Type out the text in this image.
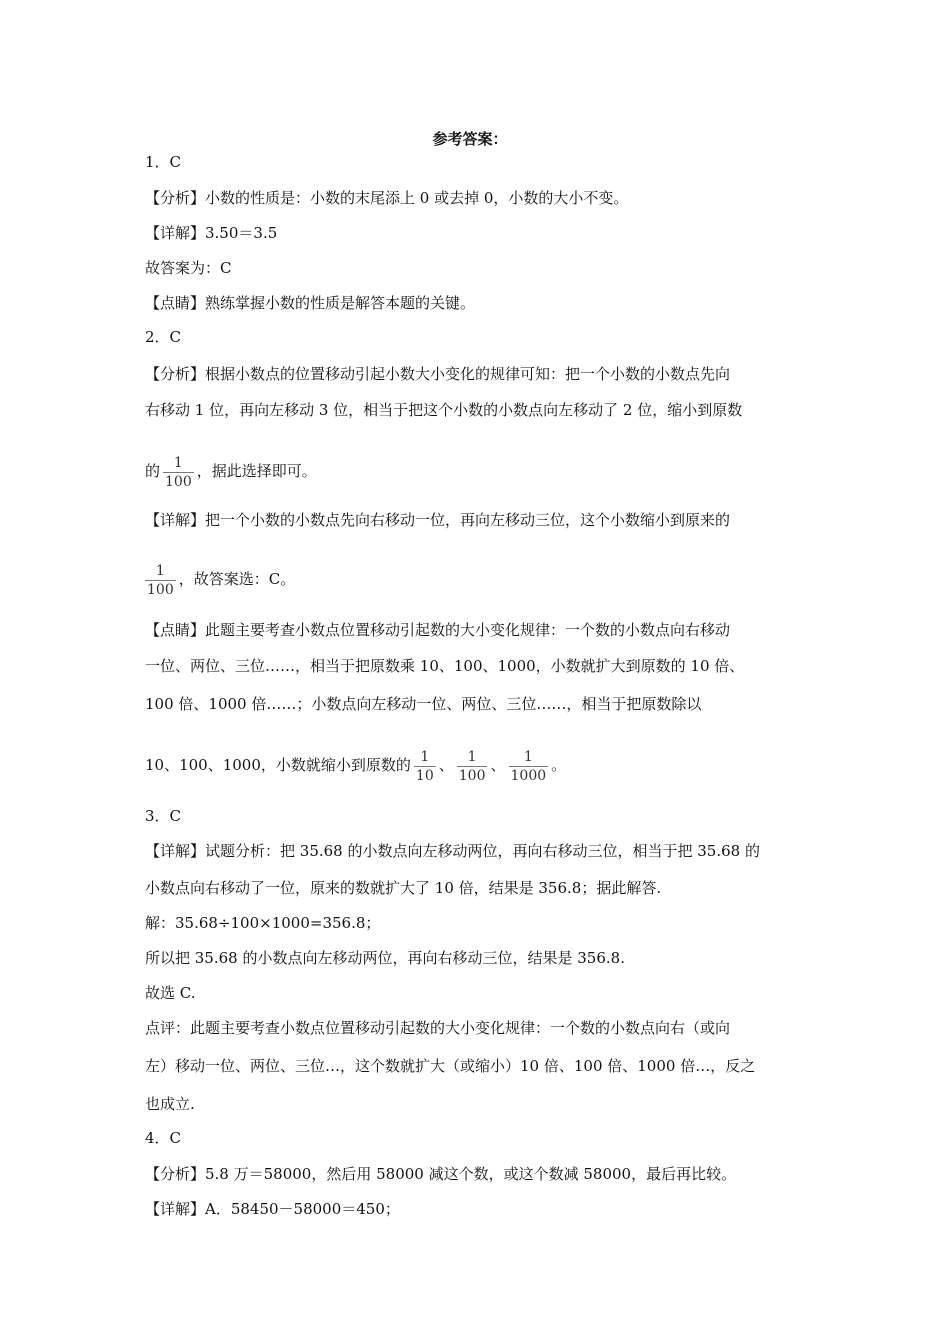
参考答案：
1．C
【分析】小数的性质是：小数的末尾添上 0 或去掉 0，小数的大小不变。
【详解】3.50＝3.5
故答案为：C
【点睛】熟练掌握小数的性质是解答本题的关键。
2．C
【分析】根据小数点的位置移动引起小数大小变化的规律可知：把一个小数的小数点先向
右移动 1 位，再向左移动 3 位，相当于把这个小数的小数点向左移动了 2 位，缩小到原数
的 $\frac{1}{100}$ ，据此选择即可。
【详解】把一个小数的小数点先向右移动一位，再向左移动三位，这个小数缩小到原来的
$\frac{1}{100}$ ，故答案选：C。
【点睛】此题主要考查小数点位置移动引起数的大小变化规律：一个数的小数点向右移动
一位、两位、三位……，相当于把原数乘 10、100、1000，小数就扩大到原数的 10 倍、
100 倍、1000 倍……；小数点向左移动一位、两位、三位……，相当于把原数除以
10、100、1000，小数就缩小到原数的 $\frac{1}{10}$ 、 $\frac{1}{100}$ 、 $\frac{1}{1000}$ 。
3．C
【详解】试题分析：把 35.68 的小数点向左移动两位，再向右移动三位，相当于把 35.68 的
小数点向右移动了一位，原来的数就扩大了 10 倍，结果是 356.8；据此解答.
解：35.68÷100×1000=356.8；
所以把 35.68 的小数点向左移动两位，再向右移动三位，结果是 356.8.
故选 C.
点评：此题主要考查小数点位置移动引起数的大小变化规律：一个数的小数点向右（或向
左）移动一位、两位、三位…，这个数就扩大（或缩小）10 倍、100 倍、1000 倍…，反之
也成立.
4．C
【分析】5.8 万＝58000，然后用 58000 减这个数，或这个数减 58000，最后再比较。
【详解】A．58450－58000＝450；
